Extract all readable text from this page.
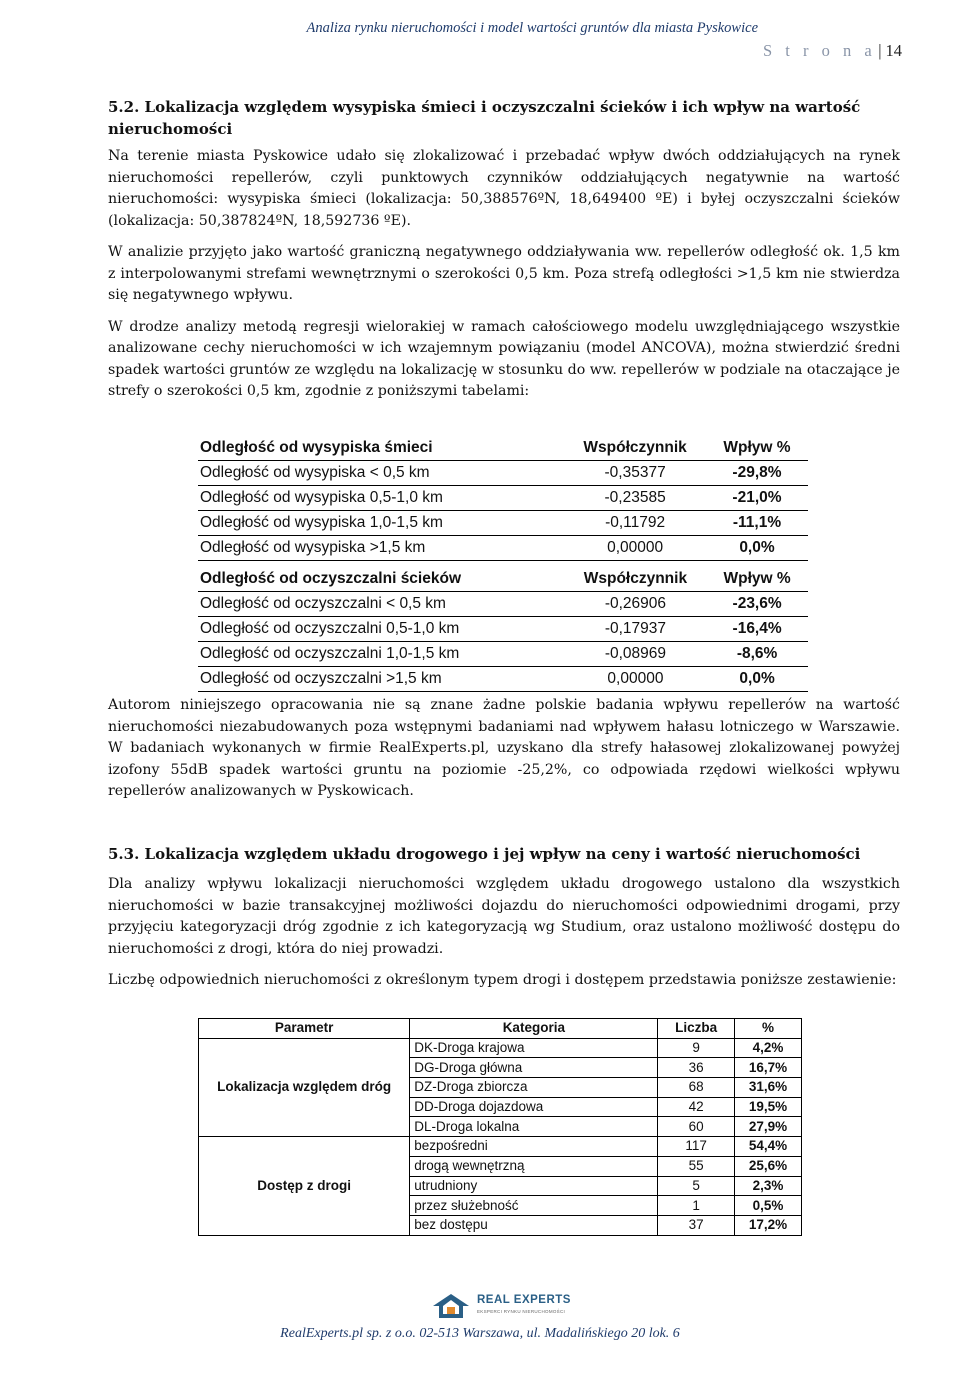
Analiza rynku nieruchomości i model wartości gruntów dla miasta Pyskowice
S t r o n a | 14
5.2. Lokalizacja względem wysypiska śmieci i oczyszczalni ścieków i ich wpływ na wartość nieruchomości

Na terenie miasta Pyskowice udało się zlokalizować i przebadać wpływ dwóch oddziałujących na rynek nieruchomości repellerów, czyli punktowych czynników oddziałujących negatywnie na wartość nieruchomości: wysypiska śmieci (lokalizacja: 50,388576ºN, 18,649400 ºE) i byłej oczyszczalni ścieków (lokalizacja: 50,387824ºN, 18,592736 ºE).

W analizie przyjęto jako wartość graniczną negatywnego oddziaływania ww. repellerów odległość ok. 1,5 km z interpolowanymi strefami wewnętrznymi o szerokości 0,5 km. Poza strefą odległości >1,5 km nie stwierdza się negatywnego wpływu.

W drodze analizy metodą regresji wielorakiej w ramach całościowego modelu uwzględniającego wszystkie analizowane cechy nieruchomości w ich wzajemnym powiązaniu (model ANCOVA), można stwierdzić średni spadek wartości gruntów ze względu na lokalizację w stosunku do ww. repellerów w podziale na otaczające je strefy o szerokości 0,5 km, zgodnie z poniższymi tabelami:

Odległość od wysypiska śmieci	Współczynnik	Wpływ %
Odległość od wysypiska < 0,5 km	-0,35377	-29,8%
Odległość od wysypiska 0,5-1,0 km	-0,23585	-21,0%
Odległość od wysypiska 1,0-1,5 km	-0,11792	-11,1%
Odległość od wysypiska >1,5 km	0,00000	0,0%
Odległość od oczyszczalni ścieków	Współczynnik	Wpływ %
Odległość od oczyszczalni < 0,5 km	-0,26906	-23,6%
Odległość od oczyszczalni 0,5-1,0 km	-0,17937	-16,4%
Odległość od oczyszczalni 1,0-1,5 km	-0,08969	-8,6%
Odległość od oczyszczalni >1,5 km	0,00000	0,0%

Autorom niniejszego opracowania nie są znane żadne polskie badania wpływu repellerów na wartość nieruchomości niezabudowanych poza wstępnymi badaniami nad wpływem hałasu lotniczego w Warszawie. W badaniach wykonanych w firmie RealExperts.pl, uzyskano dla strefy hałasowej zlokalizowanej powyżej izofony 55dB spadek wartości gruntu na poziomie -25,2%, co odpowiada rzędowi wielkości wpływu repellerów analizowanych w Pyskowicach.

5.3. Lokalizacja względem układu drogowego i jej wpływ na ceny i wartość nieruchomości

Dla analizy wpływu lokalizacji nieruchomości względem układu drogowego ustalono dla wszystkich nieruchomości w bazie transakcyjnej możliwości dojazdu do nieruchomości odpowiednimi drogami, przy przyjęciu kategoryzacji dróg zgodnie z ich kategoryzacją wg Studium, oraz ustalono możliwość dostępu do nieruchomości z drogi, która do niej prowadzi.

Liczbę odpowiednich nieruchomości z określonym typem drogi i dostępem przedstawia poniższe zestawienie:

Parametr	Kategoria	Liczba	%
Lokalizacja względem dróg	DK-Droga krajowa	9	4,2%
	DG-Droga główna	36	16,7%
	DZ-Droga zbiorcza	68	31,6%
	DD-Droga dojazdowa	42	19,5%
	DL-Droga lokalna	60	27,9%
Dostęp z drogi	bezpośredni	117	54,4%
	drogą wewnętrzną	55	25,6%
	utrudniony	5	2,3%
	przez służebność	1	0,5%
	bez dostępu	37	17,2%
REAL EXPERTS
EKSPERCI RYNKU NIERUCHOMOŚCI
RealExperts.pl sp. z o.o. 02-513 Warszawa, ul. Madalińskiego 20 lok. 6
